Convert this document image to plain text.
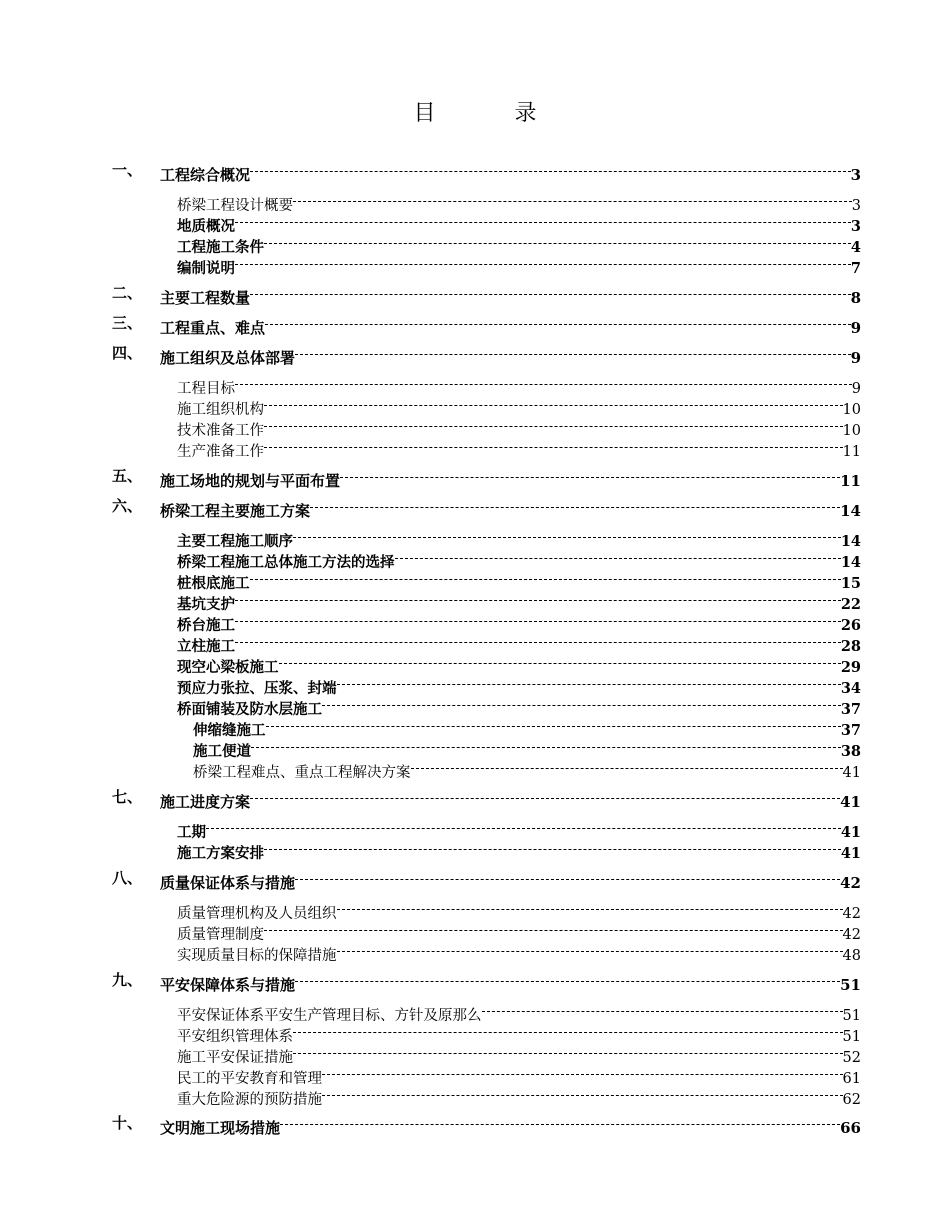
目 录
一、	工程综合概况	3
桥梁工程设计概要	3
地质概况	3
工程施工条件	4
编制说明	7
二、	主要工程数量	8
三、	工程重点、难点	9
四、	施工组织及总体部署	9
工程目标	9
施工组织机构	10
技术准备工作	10
生产准备工作	11
五、	施工场地的规划与平面布置	11
六、	桥梁工程主要施工方案	14
主要工程施工顺序	14
桥梁工程施工总体施工方法的选择	14
桩根底施工	15
基坑支护	22
桥台施工	26
立柱施工	28
现空心梁板施工	29
预应力张拉、压浆、封端	34
桥面铺装及防水层施工	37
伸缩缝施工	37
施工便道	38
桥梁工程难点、重点工程解决方案	41
七、	施工进度方案	41
工期	41
施工方案安排	41
八、	质量保证体系与措施	42
质量管理机构及人员组织	42
质量管理制度	42
实现质量目标的保障措施	48
九、	平安保障体系与措施	51
平安保证体系平安生产管理目标、方针及原那么	51
平安组织管理体系	51
施工平安保证措施	52
民工的平安教育和管理	61
重大危险源的预防措施	62
十、	文明施工现场措施	66
